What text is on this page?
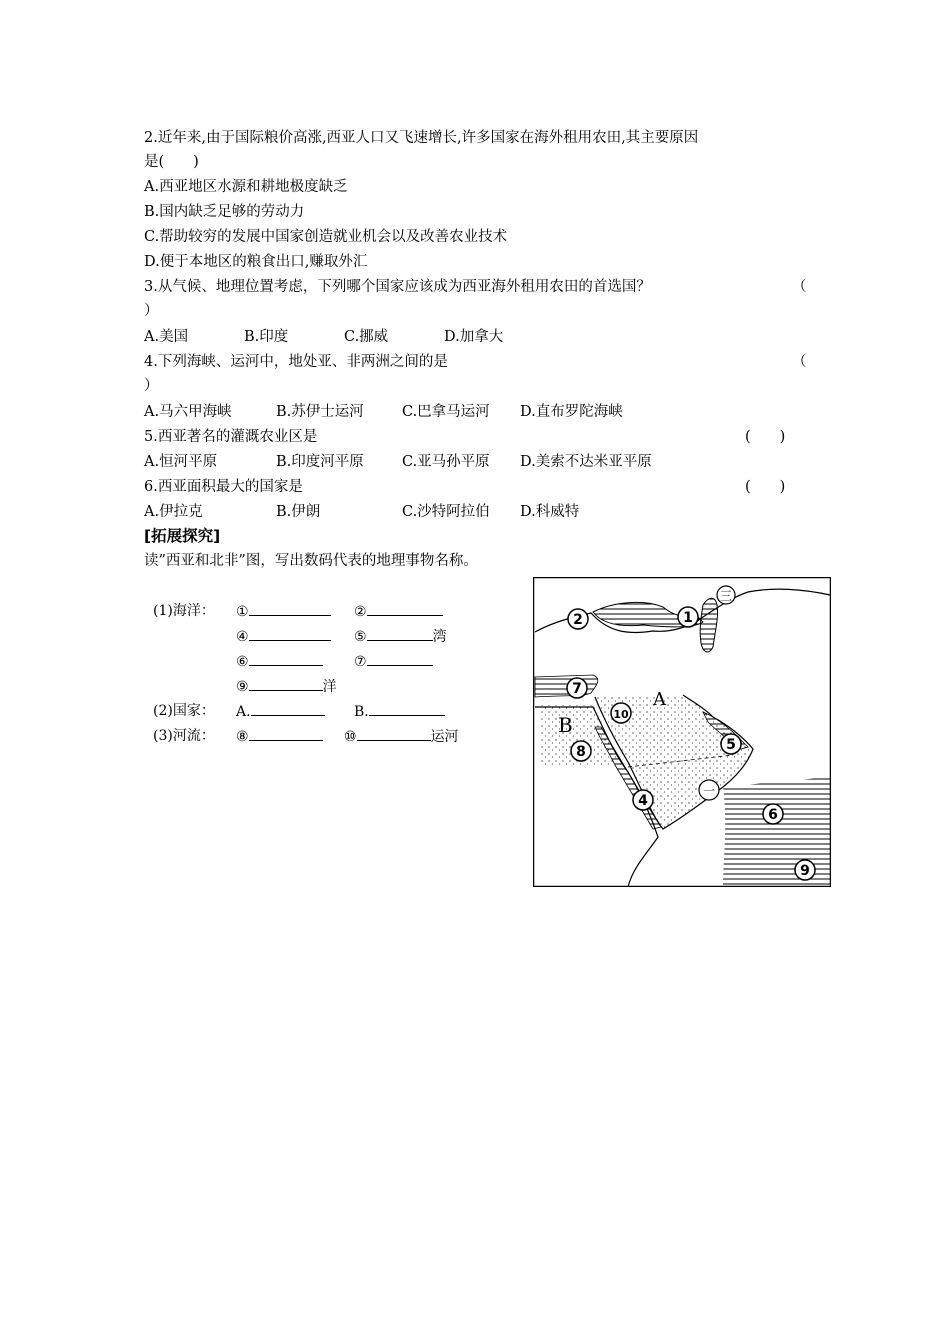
2.近年来,由于国际粮价高涨,西亚人口又飞速增长,许多国家在海外租用农田,其主要原因
是(　　)
A.西亚地区水源和耕地极度缺乏
B.国内缺乏足够的劳动力
C.帮助较穷的发展中国家创造就业机会以及改善农业技术
D.便于本地区的粮食出口,赚取外汇
3.从气候、地理位置考虑，下列哪个国家应该成为西亚海外租用农田的首选国？	（
）
A.美国	B.印度	C.挪威	D.加拿大
4.下列海峡、运河中，地处亚、非两洲之间的是	（
）
A.马六甲海峡	B.苏伊士运河	C.巴拿马运河 D.直布罗陀海峡
5.西亚著名的灌溉农业区是	(　　)
A.恒河平原	B.印度河平原	C.亚马孙平原 D.美索不达米亚平原
6.西亚面积最大的国家是	(　　)
A.伊拉克	B.伊朗	C.沙特阿拉伯 D.科威特
[拓展探究]
读”西亚和北非”图，写出数码代表的地理事物名称。
(1)海洋： ①	②
④	⑤	湾
⑥	⑦
⑨	洋
(2)国家： A.	B.
(3)河流： ⑧	⑩	运河
1
2
7
10
8	5
4
6
9
一
三
A
B
